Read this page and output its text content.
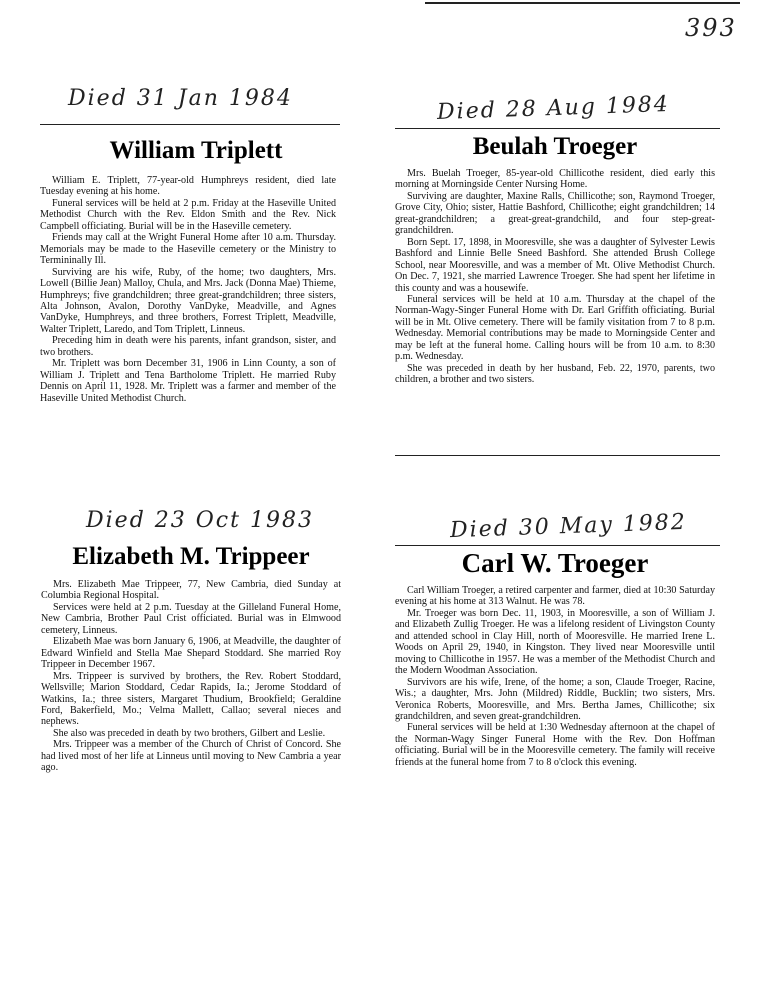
393
Died 31 Jan 1984	Died 28 Aug 1984
Died 23 Oct 1983	Died 30 May 1982
William Triplett

William E. Triplett, 77-year-old Humphreys resident, died late Tuesday evening at his home.

Funeral services will be held at 2 p.m. Friday at the Haseville United Methodist Church with the Rev. Eldon Smith and the Rev. Nick Campbell officiating. Burial will be in the Haseville cemetery.

Friends may call at the Wright Funeral Home after 10 a.m. Thursday. Memorials may be made to the Haseville cemetery or the Ministry to Termininally Ill.

Surviving are his wife, Ruby, of the home; two daughters, Mrs. Lowell (Billie Jean) Malloy, Chula, and Mrs. Jack (Donna Mae) Thieme, Humphreys; five grandchildren; three great-grandchildren; three sisters, Alta Johnson, Avalon, Dorothy VanDyke, Meadville, and Agnes VanDyke, Humphreys, and three brothers, Forrest Triplett, Meadville, Walter Triplett, Laredo, and Tom Triplett, Linneus.

Preceding him in death were his parents, infant grandson, sister, and two brothers.

Mr. Triplett was born December 31, 1906 in Linn County, a son of William J. Triplett and Tena Bartholome Triplett. He married Ruby Dennis on April 11, 1928. Mr. Triplett was a farmer and member of the Haseville United Methodist Church.

Beulah Troeger

Mrs. Buelah Troeger, 85-year-old Chillicothe resident, died early this morning at Morningside Center Nursing Home.

Surviving are daughter, Maxine Ralls, Chillicothe; son, Raymond Troeger, Grove City, Ohio; sister, Hattie Bashford, Chillicothe; eight grandchildren; 14 great-grandchildren; a great-great-grandchild, and four step-great-grandchildren.

Born Sept. 17, 1898, in Mooresville, she was a daughter of Sylvester Lewis Bashford and Linnie Belle Sneed Bashford. She attended Brush College School, near Mooresville, and was a member of Mt. Olive Methodist Church. On Dec. 7, 1921, she married Lawrence Troeger. She had spent her lifetime in this county and was a housewife.

Funeral services will be held at 10 a.m. Thursday at the chapel of the Norman-Wagy-Singer Funeral Home with Dr. Earl Griffith officiating. Burial will be in Mt. Olive cemetery. There will be family visitation from 7 to 8 p.m. Wednesday. Memorial contributions may be made to Morningside Center and may be left at the funeral home. Calling hours will be from 10 a.m. to 8:30 p.m. Wednesday.

She was preceded in death by her husband, Feb. 22, 1970, parents, two children, a brother and two sisters.

Elizabeth M. Trippeer

Mrs. Elizabeth Mae Trippeer, 77, New Cambria, died Sunday at Columbia Regional Hospital.

Services were held at 2 p.m. Tuesday at the Gilleland Funeral Home, New Cambria, Brother Paul Crist officiated. Burial was in Elmwood cemetery, Linneus.

Elizabeth Mae was born January 6, 1906, at Meadville, the daughter of Edward Winfield and Stella Mae Shepard Stoddard. She married Roy Trippeer in December 1967.

Mrs. Trippeer is survived by brothers, the Rev. Robert Stoddard, Wellsville; Marion Stoddard, Cedar Rapids, Ia.; Jerome Stoddard of Watkins, Ia.; three sisters, Margaret Thudium, Brookfield; Geraldine Ford, Bakerfield, Mo.; Velma Mallett, Callao; several nieces and nephews.

She also was preceded in death by two brothers, Gilbert and Leslie.

Mrs. Trippeer was a member of the Church of Christ of Concord. She had lived most of her life at Linneus until moving to New Cambria a year ago.

Carl W. Troeger

Carl William Troeger, a retired carpenter and farmer, died at 10:30 Saturday evening at his home at 313 Walnut. He was 78.

Mr. Troeger was born Dec. 11, 1903, in Mooresville, a son of William J. and Elizabeth Zullig Troeger. He was a lifelong resident of Livingston County and attended school in Clay Hill, north of Mooresville. He married Irene L. Woods on April 29, 1940, in Kingston. They lived near Mooresville until moving to Chillicothe in 1957. He was a member of the Methodist Church and the Modern Woodman Association.

Survivors are his wife, Irene, of the home; a son, Claude Troeger, Racine, Wis.; a daughter, Mrs. John (Mildred) Riddle, Bucklin; two sisters, Mrs. Veronica Roberts, Mooresville, and Mrs. Bertha James, Chillicothe; six grandchildren, and seven great-grandchildren.

Funeral services will be held at 1:30 Wednesday afternoon at the chapel of the Norman-Wagy Singer Funeral Home with the Rev. Don Hoffman officiating. Burial will be in the Mooresville cemetery. The family will receive friends at the funeral home from 7 to 8 o'clock this evening.
